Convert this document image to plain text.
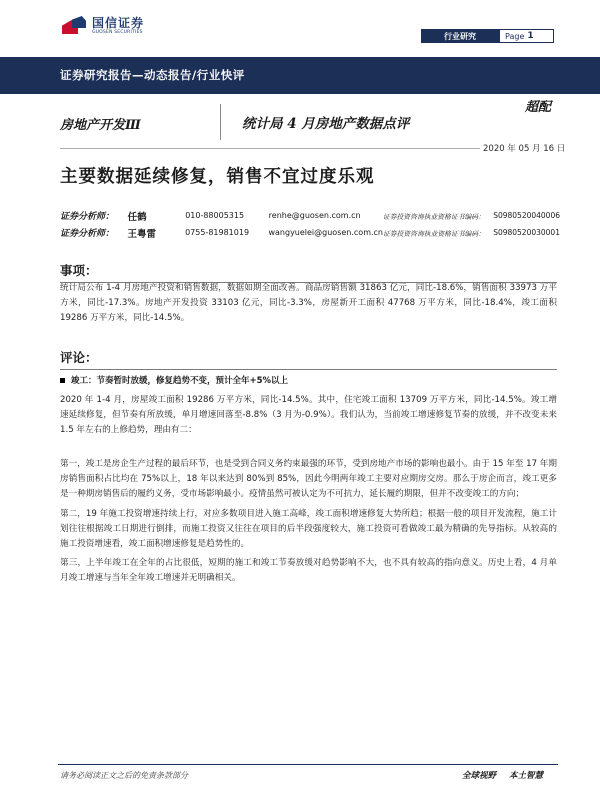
国信证券
GUOSEN SECURITIES	行业研究	Page 1
证券研究报告—动态报告/行业快评
房地产开发Ⅲ	统计局 4 月房地产数据点评
超配
2020 年 05 月 16 日
主要数据延续修复，销售不宜过度乐观
证券分析师：	任鹤	010-88005315	renhe@guosen.com.cn	证券投资咨询执业资格证书编码：	S0980520040006
证券分析师：	王粤雷	0755-81981019	wangyuelei@guosen.com.cn 证券投资咨询执业资格证书编码：	S0980520030001
事项：
统计局公布 1-4 月房地产投资和销售数据，数据如期全面改善。商品房销售额 31863 亿元，同比-18.6%，销售面积 33973 万平方米，同比-17.3%。房地产开发投资 33103 亿元，同比-3.3%，房屋新开工面积 47768 万平方米，同比-18.4%，竣工面积 19286 万平方米，同比-14.5%。
评论：
竣工：节奏暂时放缓，修复趋势不变，预计全年+5%以上
2020 年 1-4 月，房屋竣工面积 19286 万平方米，同比-14.5%。其中，住宅竣工面积 13709 万平方米，同比-14.5%。竣工增速延续修复，但节奏有所放缓，单月增速回落至-8.8%（3 月为-0.9%）。我们认为，当前竣工增速修复节奏的放缓，并不改变未来 1.5 年左右的上修趋势，理由有二：
第一，竣工是房企生产过程的最后环节，也是受到合同义务约束最强的环节，受到房地产市场的影响也最小。由于 15 年至 17 年期房销售面积占比均在 75%以上，18 年以来达到 80%到 85%，因此今明两年竣工主要对应期房交房。那么于房企而言，竣工更多是一种期房销售后的履约义务，受市场影响最小。疫情虽然可被认定为不可抗力，延长履约期限，但并不改变竣工的方向；
第二，19 年施工投资增速持续上行，对应多数项目进入施工高峰，竣工面积增速修复大势所趋；根据一般的项目开发流程，施工计划往往根据竣工日期进行倒排，而施工投资又往往在项目的后半段强度较大，施工投资可看做竣工最为精确的先导指标。从较高的施工投资增速看，竣工面积增速修复是趋势性的。
第三，上半年竣工在全年的占比很低，短期的施工和竣工节奏放缓对趋势影响不大，也不具有较高的指向意义。历史上看，4 月单月竣工增速与当年全年竣工增速并无明确相关。
请务必阅读正文之后的免责条款部分	全球视野 本土智慧
